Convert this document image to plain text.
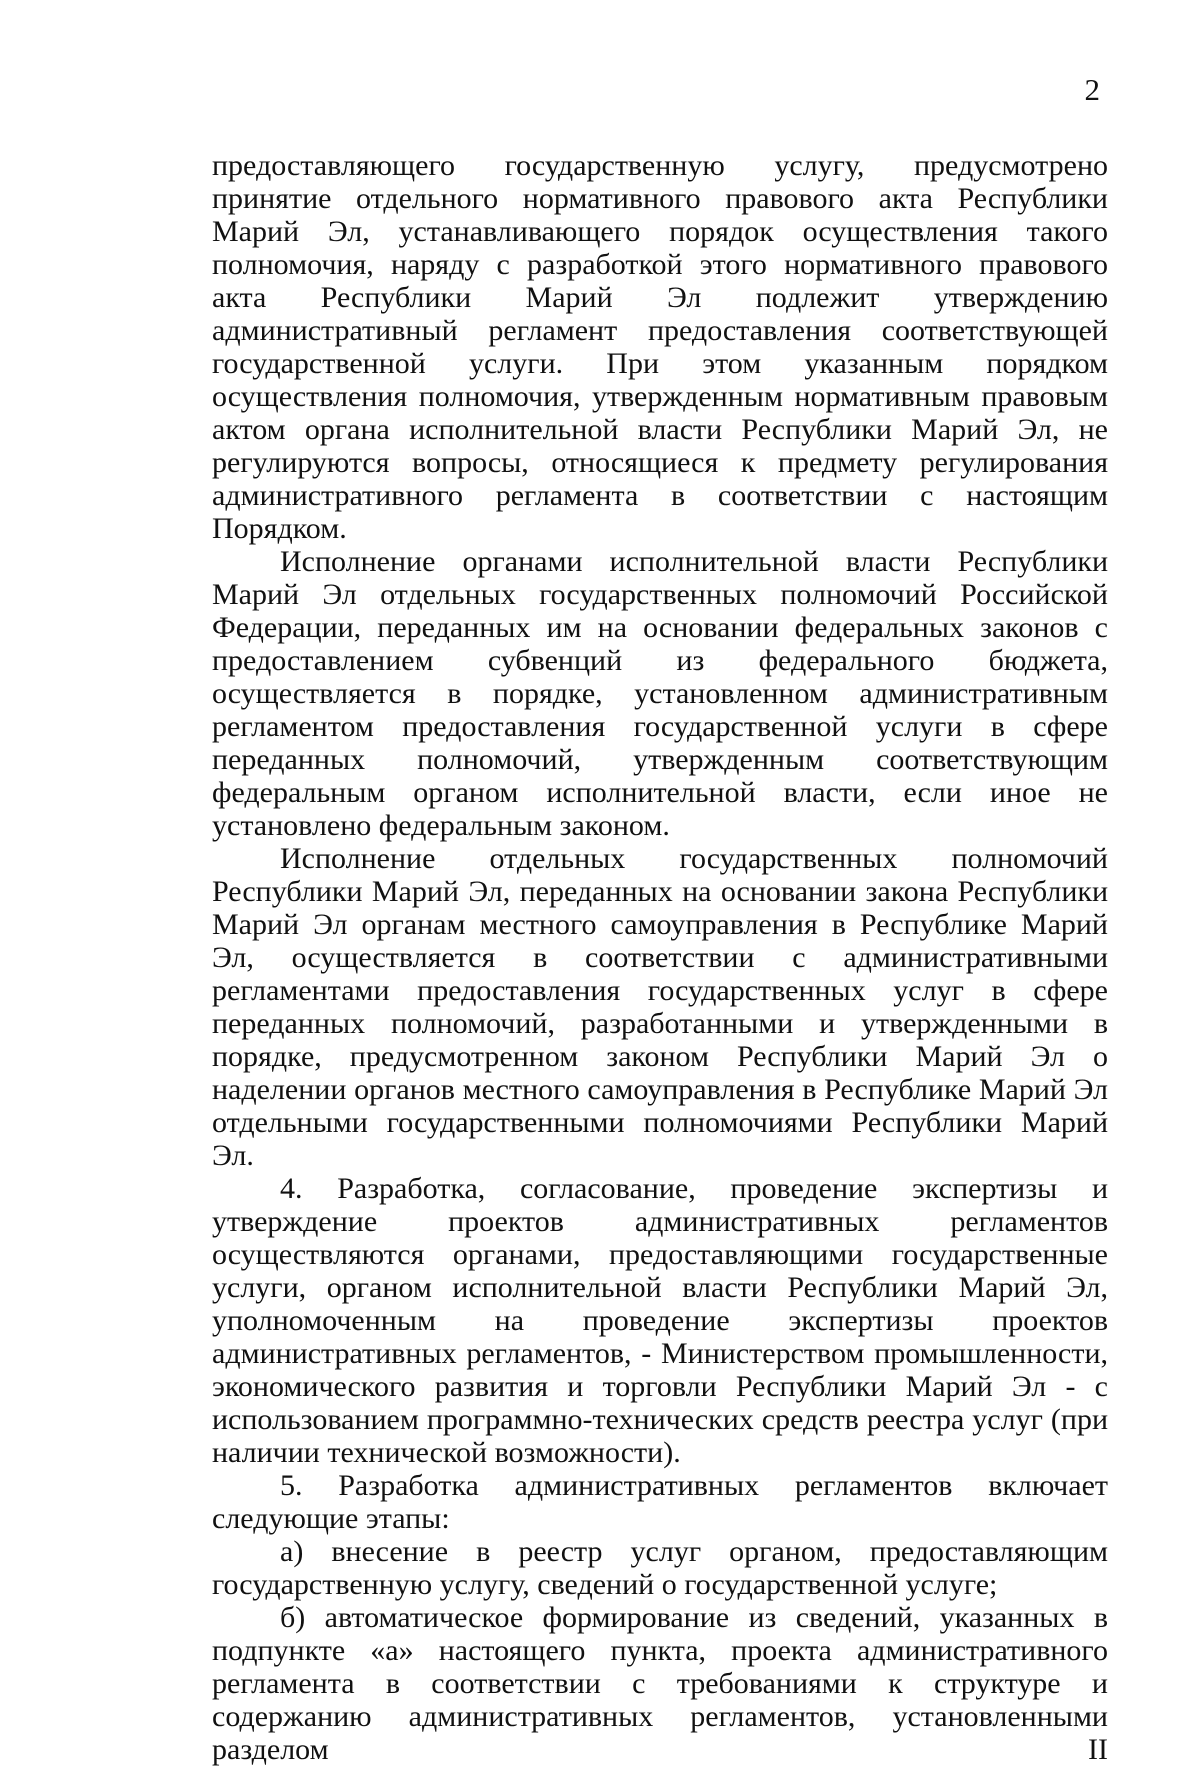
2

предоставляющего государственную услугу, предусмотрено принятие отдельного нормативного правового акта Республики Марий Эл, устанавливающего порядок осуществления такого полномочия, наряду с разработкой этого нормативного правового акта Республики Марий Эл подлежит утверждению административный регламент предоставления соответствующей государственной услуги. При этом указанным порядком осуществления полномочия, утвержденным нормативным правовым актом органа исполнительной власти Республики Марий Эл, не регулируются вопросы, относящиеся к предмету регулирования административного регламента в соответствии с настоящим Порядком.

Исполнение органами исполнительной власти Республики Марий Эл отдельных государственных полномочий Российской Федерации, переданных им на основании федеральных законов с предоставлением субвенций из федерального бюджета, осуществляется в порядке, установленном административным регламентом предоставления государственной услуги в сфере переданных полномочий, утвержденным соответствующим федеральным органом исполнительной власти, если иное не установлено федеральным законом.

Исполнение отдельных государственных полномочий Республики Марий Эл, переданных на основании закона Республики Марий Эл органам местного самоуправления в Республике Марий Эл, осуществляется в соответствии с административными регламентами предоставления государственных услуг в сфере переданных полномочий, разработанными и утвержденными в порядке, предусмотренном законом Республики Марий Эл о наделении органов местного самоуправления в Республике Марий Эл отдельными государственными полномочиями Республики Марий Эл.

4. Разработка, согласование, проведение экспертизы и утверждение проектов административных регламентов осуществляются органами, предоставляющими государственные услуги, органом исполнительной власти Республики Марий Эл, уполномоченным на проведение экспертизы проектов административных регламентов, - Министерством промышленности, экономического развития и торговли Республики Марий Эл - с использованием программно-технических средств реестра услуг (при наличии технической возможности).

5. Разработка административных регламентов включает следующие этапы:

а) внесение в реестр услуг органом, предоставляющим государственную услугу, сведений о государственной услуге;

б) автоматическое формирование из сведений, указанных в подпункте «а» настоящего пункта, проекта административного регламента в соответствии с требованиями к структуре и содержанию административных регламентов, установленными разделом II
